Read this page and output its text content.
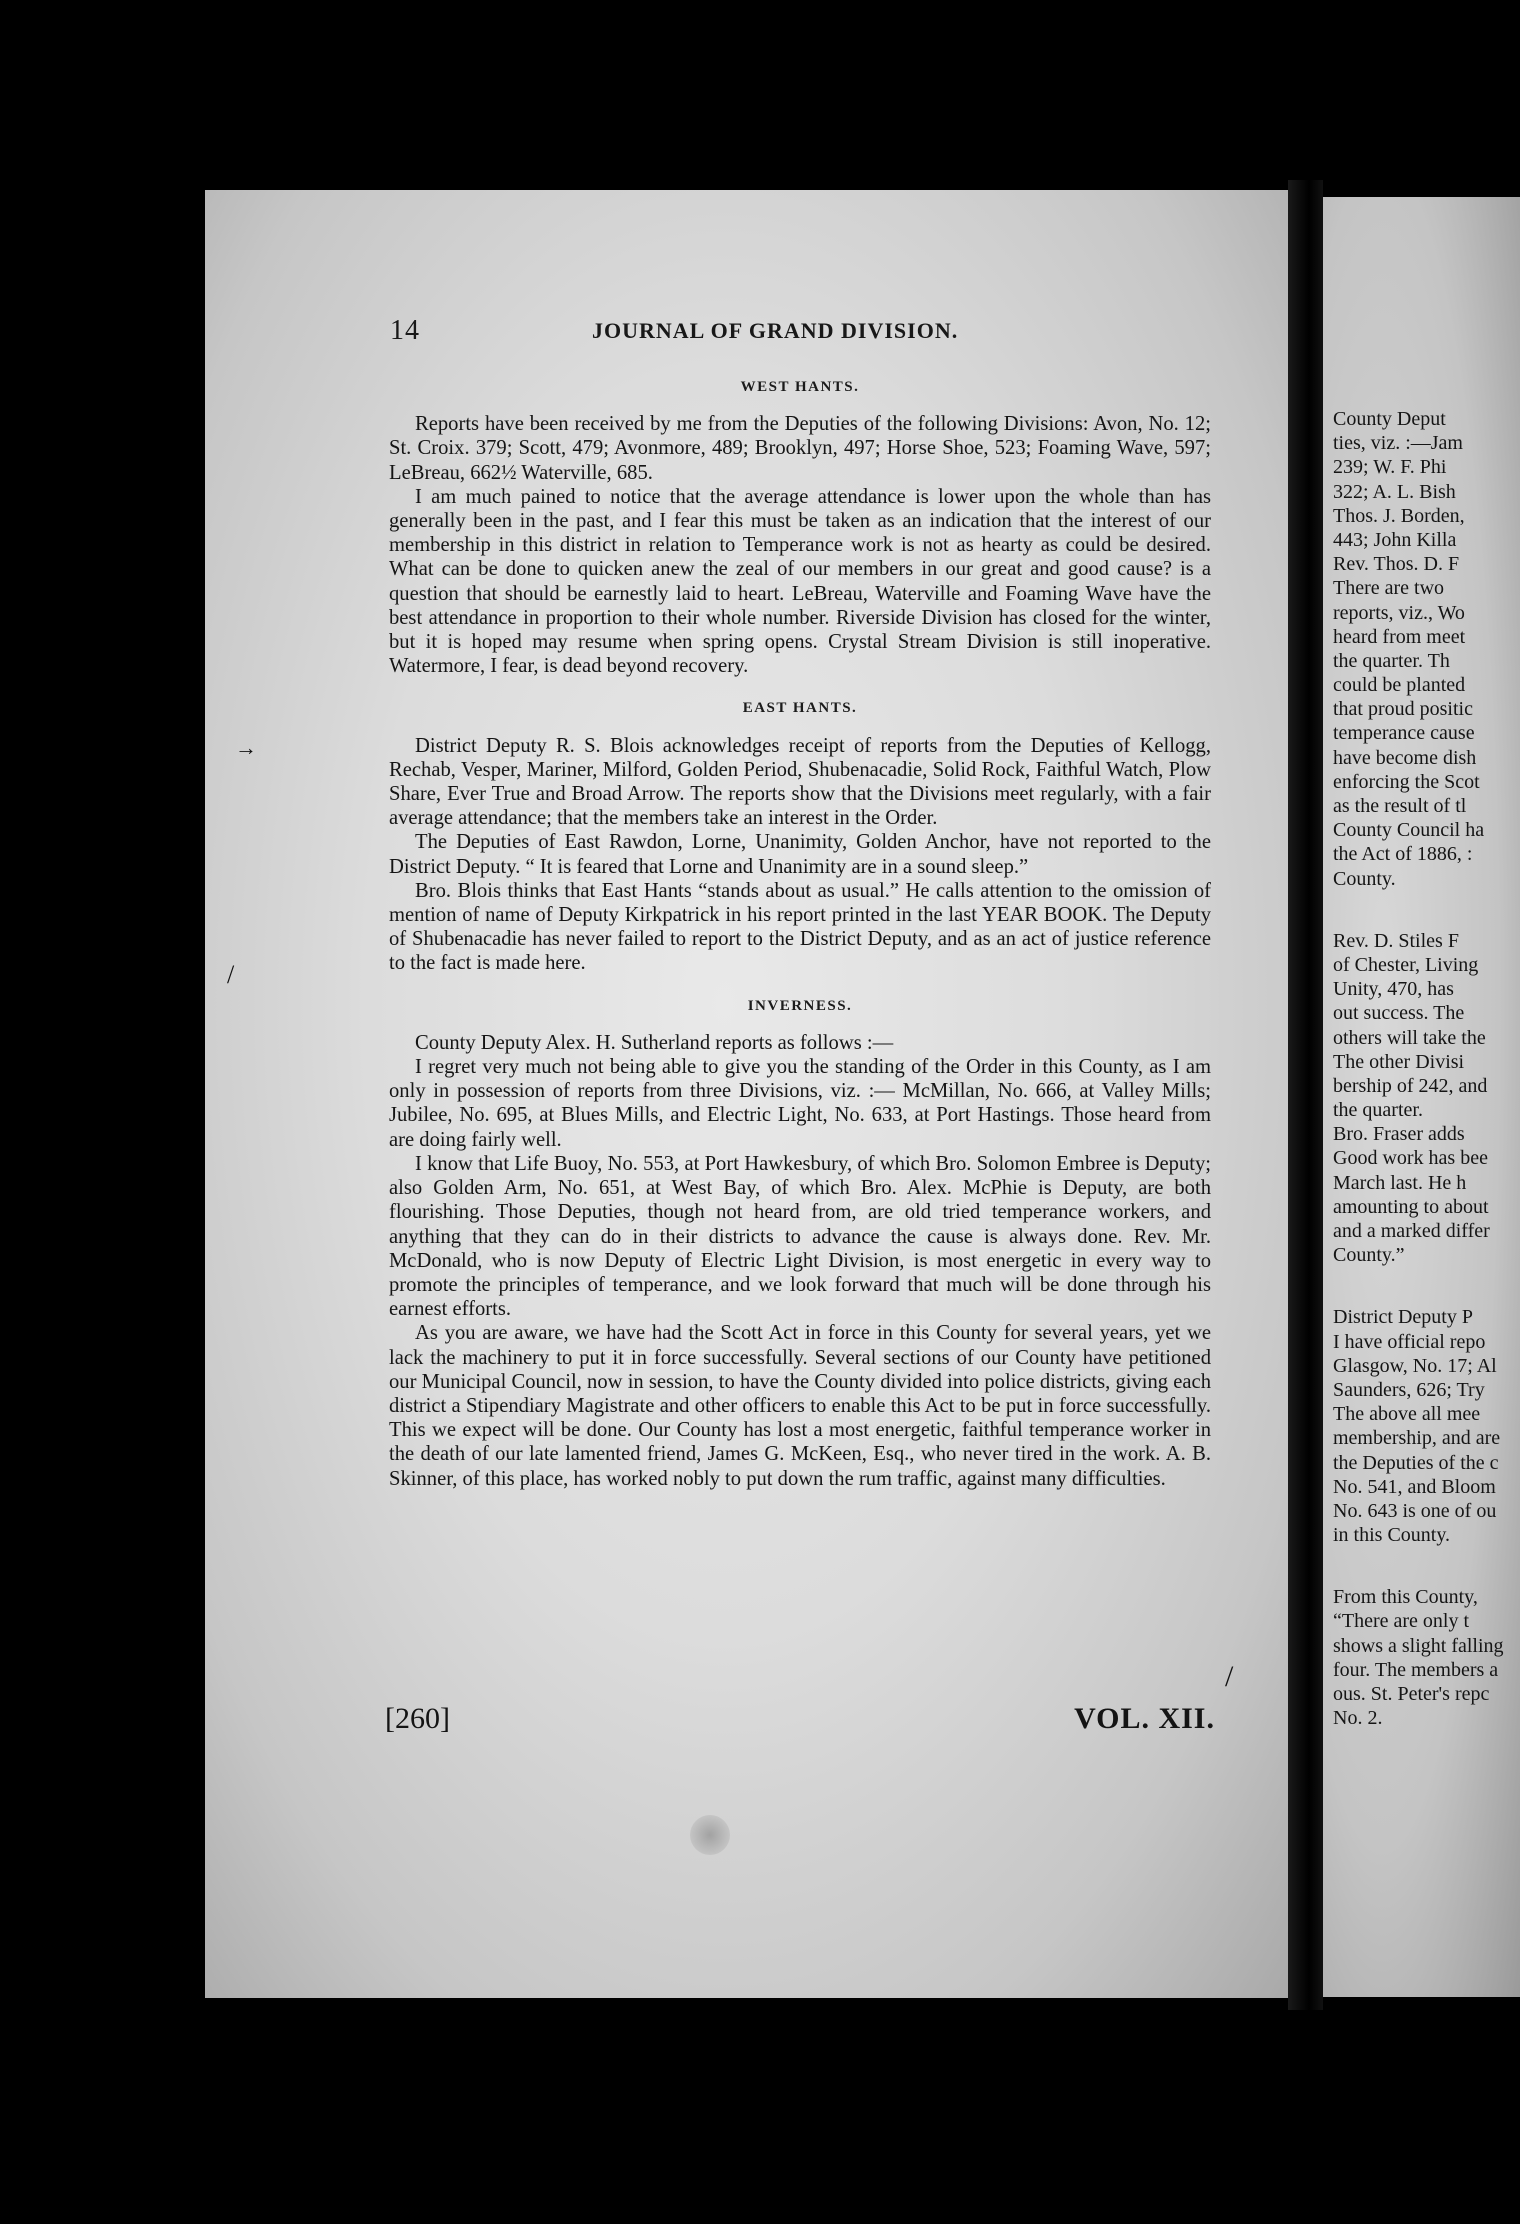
14	JOURNAL OF GRAND DIVISION.
WEST HANTS.

Reports have been received by me from the Deputies of the following Divisions: Avon, No. 12; St. Croix. 379; Scott, 479; Avonmore, 489; Brooklyn, 497; Horse Shoe, 523; Foaming Wave, 597; LeBreau, 662½ Waterville, 685.

I am much pained to notice that the average attendance is lower upon the whole than has generally been in the past, and I fear this must be taken as an indication that the interest of our membership in this district in relation to Temperance work is not as hearty as could be desired. What can be done to quicken anew the zeal of our members in our great and good cause? is a question that should be earnestly laid to heart. LeBreau, Waterville and Foaming Wave have the best attendance in proportion to their whole number. Riverside Division has closed for the winter, but it is hoped may resume when spring opens. Crystal Stream Division is still inoperative. Watermore, I fear, is dead beyond recovery.

EAST HANTS.

District Deputy R. S. Blois acknowledges receipt of reports from the Deputies of Kellogg, Rechab, Vesper, Mariner, Milford, Golden Period, Shubenacadie, Solid Rock, Faithful Watch, Plow Share, Ever True and Broad Arrow. The reports show that the Divisions meet regularly, with a fair average attendance; that the members take an interest in the Order.

The Deputies of East Rawdon, Lorne, Unanimity, Golden Anchor, have not reported to the District Deputy. “ It is feared that Lorne and Unanimity are in a sound sleep.”

Bro. Blois thinks that East Hants “stands about as usual.” He calls attention to the omission of mention of name of Deputy Kirkpatrick in his report printed in the last YEAR BOOK. The Deputy of Shubenacadie has never failed to report to the District Deputy, and as an act of justice reference to the fact is made here.

INVERNESS.

County Deputy Alex. H. Sutherland reports as follows :—

I regret very much not being able to give you the standing of the Order in this County, as I am only in possession of reports from three Divisions, viz. :— McMillan, No. 666, at Valley Mills; Jubilee, No. 695, at Blues Mills, and Electric Light, No. 633, at Port Hastings. Those heard from are doing fairly well.

I know that Life Buoy, No. 553, at Port Hawkesbury, of which Bro. Solomon Embree is Deputy; also Golden Arm, No. 651, at West Bay, of which Bro. Alex. McPhie is Deputy, are both flourishing. Those Deputies, though not heard from, are old tried temperance workers, and anything that they can do in their districts to advance the cause is always done. Rev. Mr. McDonald, who is now Deputy of Electric Light Division, is most energetic in every way to promote the principles of temperance, and we look forward that much will be done through his earnest efforts.

As you are aware, we have had the Scott Act in force in this County for several years, yet we lack the machinery to put it in force successfully. Several sections of our County have petitioned our Municipal Council, now in session, to have the County divided into police districts, giving each district a Stipendiary Magistrate and other officers to enable this Act to be put in force successfully. This we expect will be done. Our County has lost a most energetic, faithful temperance worker in the death of our late lamented friend, James G. McKeen, Esq., who never tired in the work. A. B. Skinner, of this place, has worked nobly to put down the rum traffic, against many difficulties.

[260]	VOL. XII.
→
/
/
County Deput
ties, viz. :—Jam
239; W. F. Phi
322; A. L. Bish
Thos. J. Borden,
443; John Killa
Rev. Thos. D. F
There are two
reports, viz., Wo
heard from meet
the quarter. Th
could be planted
that proud positic
temperance cause
have become dish
enforcing the Scot
as the result of tl
County Council ha
the Act of 1886, :
County.
Rev. D. Stiles F
of Chester, Living
Unity, 470, has
out success. The
others will take the
The other Divisi
bership of 242, and
the quarter.
Bro. Fraser adds
Good work has bee
March last. He h
amounting to about
and a marked differ
County.”
District Deputy P
I have official repo
Glasgow, No. 17; Al
Saunders, 626; Try
The above all mee
membership, and are
the Deputies of the c
No. 541, and Bloom
No. 643 is one of ou
in this County.
From this County,
“There are only t
shows a slight falling
four. The members a
ous. St. Peter's repc
No. 2.
